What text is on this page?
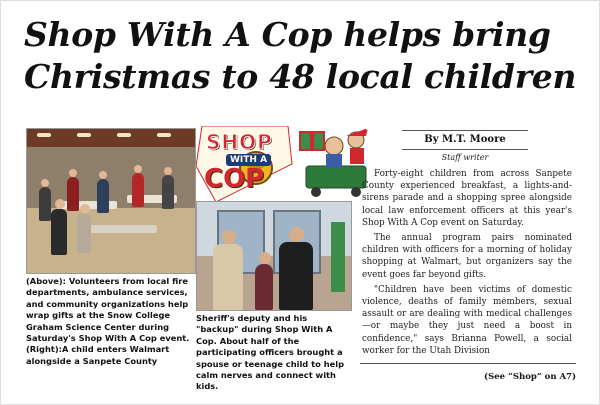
Shop With A Cop helps bring
Christmas to 48 local children
SHOP
WITH A
COP
(Above): Volunteers from local fire departments, ambulance services, and community organizations help wrap gifts at the Snow College Graham Science Center during Saturday's Shop With A Cop event. (Right):A child enters Walmart alongside a Sanpete County
Sheriff's deputy and his "backup" during Shop With A Cop. About half of the participating officers brought a spouse or teenage child to help calm nerves and connect with kids.
By M.T. Moore
Staff writer

Forty-eight children from across Sanpete County experienced breakfast, a lights-and-sirens parade and a shopping spree alongside local law enforcement officers at this year's Shop With A Cop event on Saturday.

The annual program pairs nominated children with officers for a morning of holiday shopping at Walmart, but organizers say the event goes far beyond gifts.

"Children have been victims of domestic violence, deaths of family members, sexual assault or are dealing with medical challenges—or maybe they just need a boost in confidence," says Brianna Powell, a social worker for the Utah Division

(See “Shop” on A7)
